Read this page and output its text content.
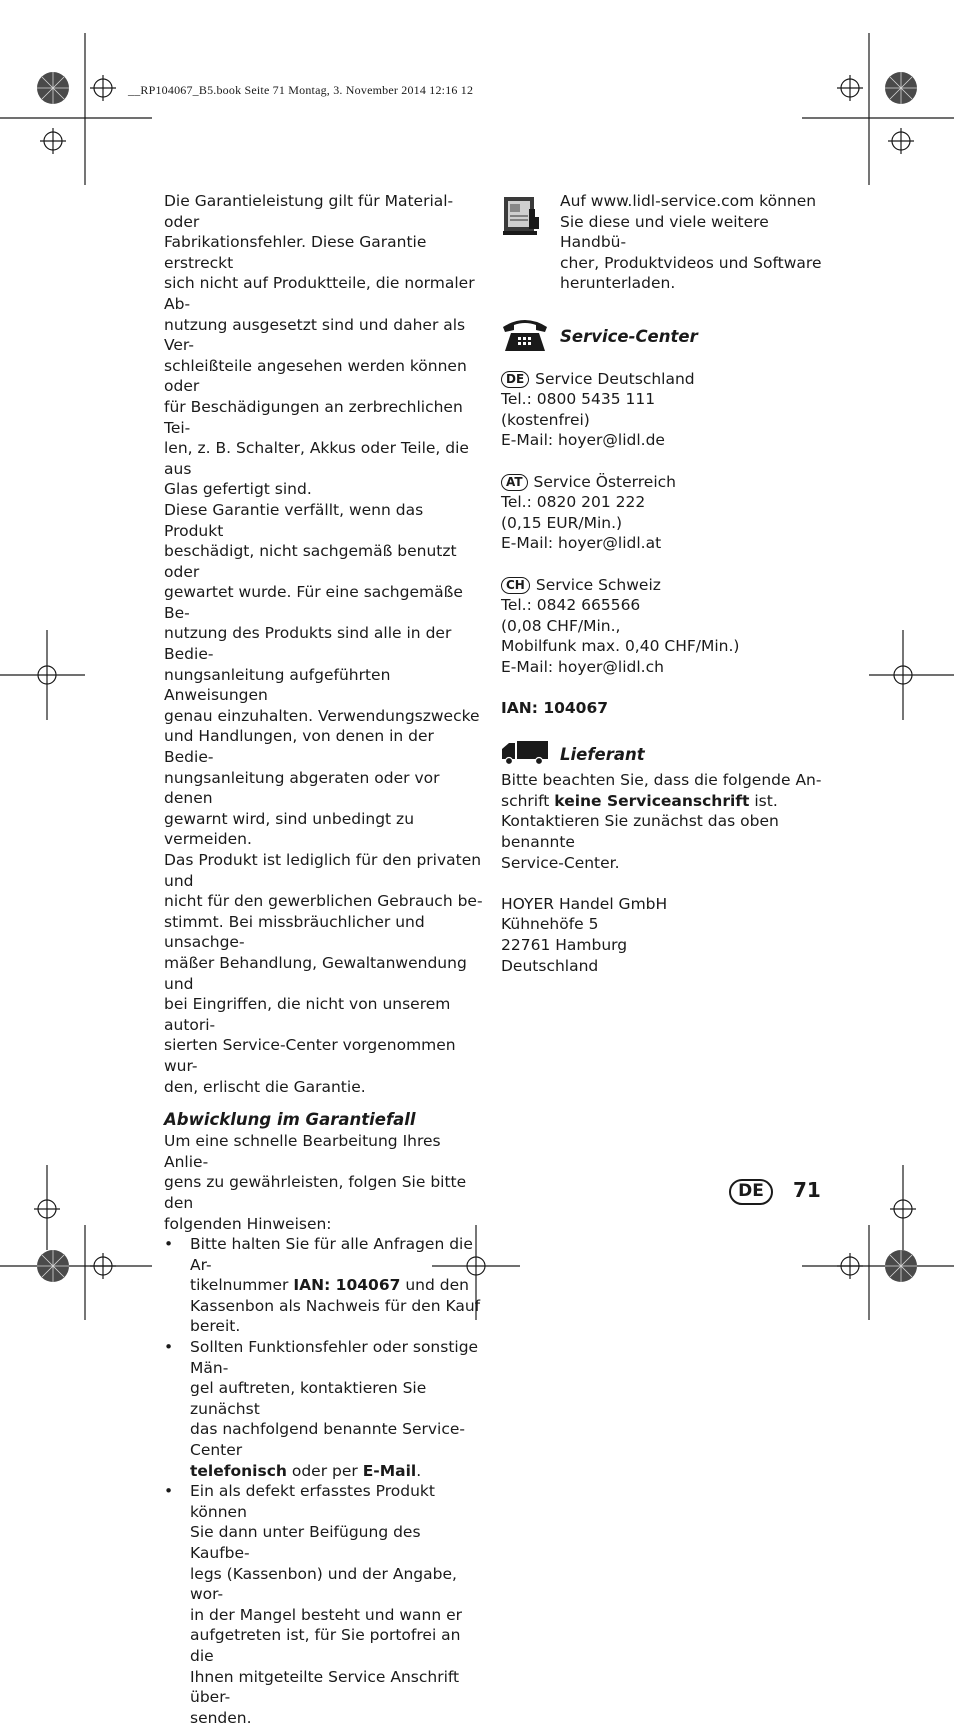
__RP104067_B5.book Seite 71 Montag, 3. November 2014 12:16 12

Die Garantieleistung gilt für Material- oder
Fabrikationsfehler. Diese Garantie erstreckt
sich nicht auf Produktteile, die normaler Ab-
nutzung ausgesetzt sind und daher als Ver-
schleißteile angesehen werden können oder
für Beschädigungen an zerbrechlichen Tei-
len, z. B. Schalter, Akkus oder Teile, die aus
Glas gefertigt sind.

Diese Garantie verfällt, wenn das Produkt
beschädigt, nicht sachgemäß benutzt oder
gewartet wurde. Für eine sachgemäße Be-
nutzung des Produkts sind alle in der Bedie-
nungsanleitung aufgeführten Anweisungen
genau einzuhalten. Verwendungszwecke
und Handlungen, von denen in der Bedie-
nungsanleitung abgeraten oder vor denen
gewarnt wird, sind unbedingt zu vermeiden.

Das Produkt ist lediglich für den privaten und
nicht für den gewerblichen Gebrauch be-
stimmt. Bei missbräuchlicher und unsachge-
mäßer Behandlung, Gewaltanwendung und
bei Eingriffen, die nicht von unserem autori-
sierten Service-Center vorgenommen wur-
den, erlischt die Garantie.

Abwicklung im Garantiefall

Um eine schnelle Bearbeitung Ihres Anlie-
gens zu gewährleisten, folgen Sie bitte den
folgenden Hinweisen:

• Bitte halten Sie für alle Anfragen die Ar-
tikelnummer IAN: 104067 und den
Kassenbon als Nachweis für den Kauf
bereit.
• Sollten Funktionsfehler oder sonstige Män-
gel auftreten, kontaktieren Sie zunächst
das nachfolgend benannte Service-Center
telefonisch oder per E-Mail.
• Ein als defekt erfasstes Produkt können
Sie dann unter Beifügung des Kaufbe-
legs (Kassenbon) und der Angabe, wor-
in der Mangel besteht und wann er
aufgetreten ist, für Sie portofrei an die
Ihnen mitgeteilte Service Anschrift über-
senden.

Auf www.lidl-service.com können
Sie diese und viele weitere Handbü-
cher, Produktvideos und Software
herunterladen.

Service-Center

DE Service Deutschland

Tel.: 0800 5435 111
(kostenfrei)
E-Mail: hoyer@lidl.de

AT Service Österreich

Tel.: 0820 201 222
(0,15 EUR/Min.)
E-Mail: hoyer@lidl.at

CH Service Schweiz

Tel.: 0842 665566
(0,08 CHF/Min.,
Mobilfunk max. 0,40 CHF/Min.)
E-Mail: hoyer@lidl.ch

IAN: 104067

Lieferant

Bitte beachten Sie, dass die folgende An-
schrift keine Serviceanschrift ist.
Kontaktieren Sie zunächst das oben benannte
Service-Center.

HOYER Handel GmbH
Kühnehöfe 5
22761 Hamburg
Deutschland

DE	71
